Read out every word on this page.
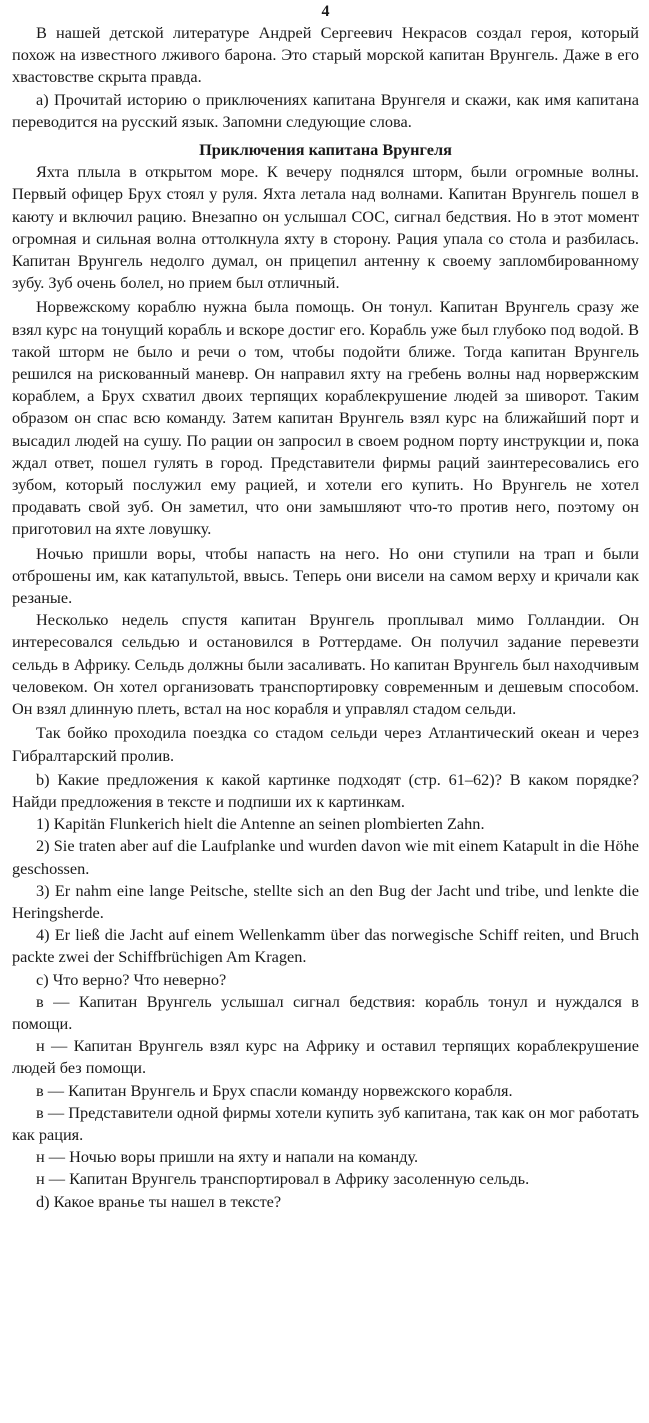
4

В нашей детской литературе Андрей Сергеевич Некрасов создал героя, который похож на известного лживого барона. Это старый морской капитан Врунгель. Даже в его хвастовстве скрыта правда.

а) Прочитай историю о приключениях капитана Врунгеля и скажи, как имя капитана переводится на русский язык. Запомни следующие слова.

Приключения капитана Врунгеля

Яхта плыла в открытом море. К вечеру поднялся шторм, были огромные волны. Первый офицер Брух стоял у руля. Яхта летала над волнами. Капитан Врунгель пошел в каюту и включил рацию. Внезапно он услышал СОС, сигнал бедствия. Но в этот момент огромная и сильная волна оттолкнула яхту в сторону. Рация упала со стола и разбилась. Капитан Врунгель недолго думал, он прицепил антенну к своему запломбированному зубу. Зуб очень болел, но прием был отличный.

Норвежскому кораблю нужна была помощь. Он тонул. Капитан Врунгель сразу же взял курс на тонущий корабль и вскоре достиг его. Корабль уже был глубоко под водой. В такой шторм не было и речи о том, чтобы подойти ближе. Тогда капитан Врунгель решился на рискованный маневр. Он направил яхту на гребень волны над норвержским кораблем, а Брух схватил двоих терпящих кораблекрушение людей за шиворот. Таким образом он спас всю команду. Затем капитан Врунгель взял курс на ближайший порт и высадил людей на сушу. По рации он запросил в своем родном порту инструкции и, пока ждал ответ, пошел гулять в город. Представители фирмы раций заинтересовались его зубом, который послужил ему рацией, и хотели его купить. Но Врунгель не хотел продавать свой зуб. Он заметил, что они замышляют что-то против него, поэтому он приготовил на яхте ловушку.

Ночью пришли воры, чтобы напасть на него. Но они ступили на трап и были отброшены им, как катапультой, ввысь. Теперь они висели на самом верху и кричали как резаные.

Несколько недель спустя капитан Врунгель проплывал мимо Голландии. Он интересовался сельдью и остановился в Роттердаме. Он получил задание перевезти сельдь в Африку. Сельдь должны были засаливать. Но капитан Врунгель был находчивым человеком. Он хотел организовать транспортировку современным и дешевым способом. Он взял длинную плеть, встал на нос корабля и управлял стадом сельди.

Так бойко проходила поездка со стадом сельди через Атлантический океан и через Гибралтарский пролив.

b) Какие предложения к какой картинке подходят (стр. 61–62)? В каком порядке? Найди предложения в тексте и подпиши их к картинкам.

1) Kapitän Flunkerich hielt die Antenne an seinen plombierten Zahn.

2) Sie traten aber auf die Laufplanke und wurden davon wie mit einem Katapult in die Höhe geschossen.

3) Er nahm eine lange Peitsche, stellte sich an den Bug der Jacht und tribe, und lenkte die Heringsherde.

4) Er ließ die Jacht auf einem Wellenkamm über das norwegische Schiff reiten, und Bruch packte zwei der Schiffbrüchigen Am Kragen.

c) Что верно? Что неверно?

в — Капитан Врунгель услышал сигнал бедствия: корабль тонул и нуждался в помощи.

н — Капитан Врунгель взял курс на Африку и оставил терпящих кораблекрушение людей без помощи.

в — Капитан Врунгель и Брух спасли команду норвежского корабля.

в — Представители одной фирмы хотели купить зуб капитана, так как он мог работать как рация.

н — Ночью воры пришли на яхту и напали на команду.

н — Капитан Врунгель транспортировал в Африку засоленную сельдь.

d) Какое вранье ты нашел в тексте?
